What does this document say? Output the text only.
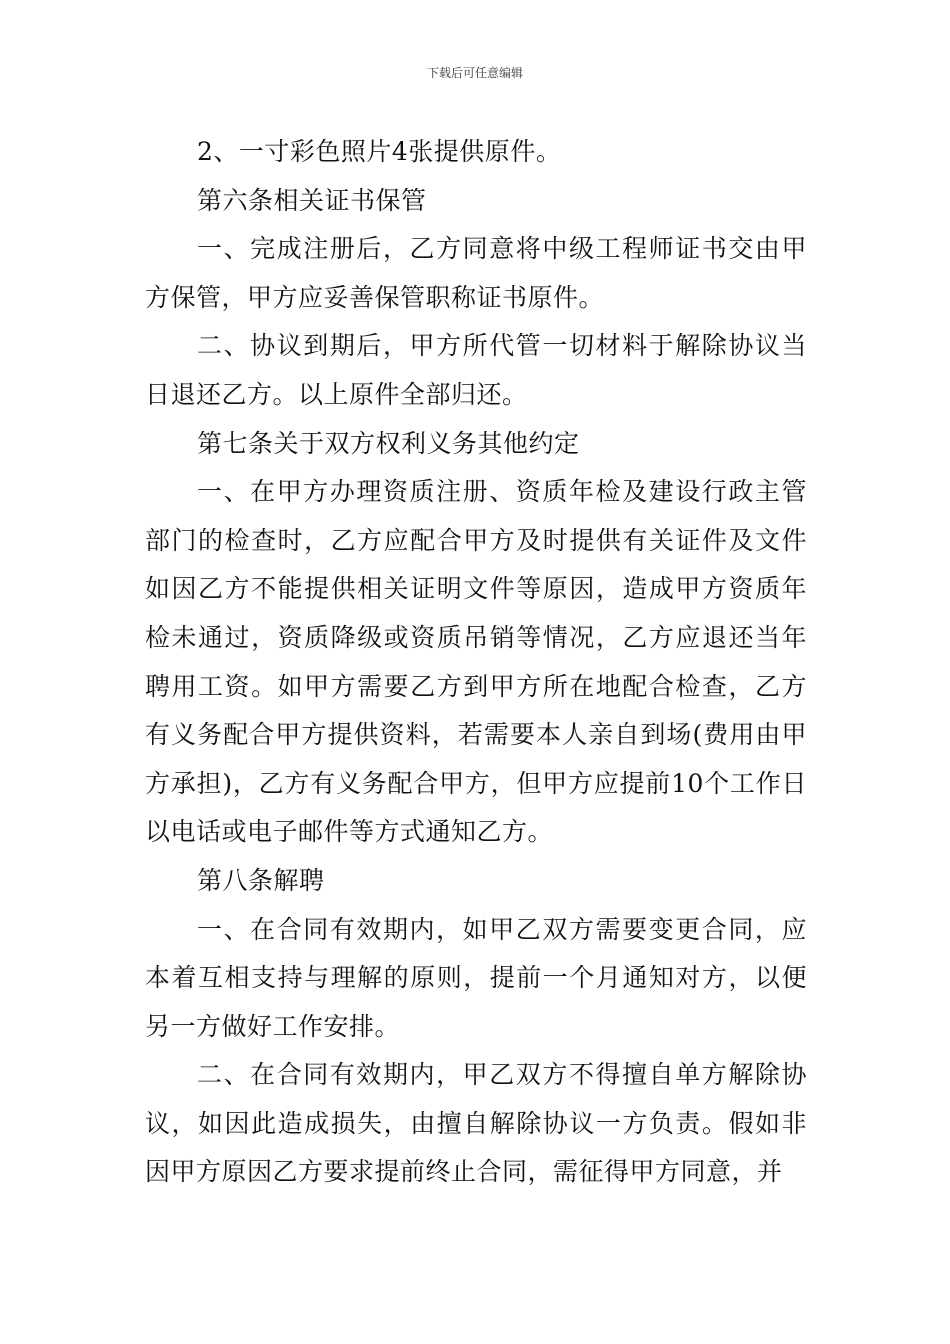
下载后可任意编辑

2、一寸彩色照片4张提供原件。

第六条相关证书保管

一、完成注册后，乙方同意将中级工程师证书交由甲方保管，甲方应妥善保管职称证书原件。

二、协议到期后，甲方所代管一切材料于解除协议当日退还乙方。以上原件全部归还。

第七条关于双方权利义务其他约定

一、在甲方办理资质注册、资质年检及建设行政主管部门的检查时，乙方应配合甲方及时提供有关证件及文件如因乙方不能提供相关证明文件等原因，造成甲方资质年检未通过，资质降级或资质吊销等情况，乙方应退还当年聘用工资。如甲方需要乙方到甲方所在地配合检查，乙方有义务配合甲方提供资料，若需要本人亲自到场(费用由甲方承担)，乙方有义务配合甲方，但甲方应提前10个工作日以电话或电子邮件等方式通知乙方。

第八条解聘

一、在合同有效期内，如甲乙双方需要变更合同，应本着互相支持与理解的原则，提前一个月通知对方，以便另一方做好工作安排。

二、在合同有效期内，甲乙双方不得擅自单方解除协议，如因此造成损失，由擅自解除协议一方负责。假如非因甲方原因乙方要求提前终止合同，需征得甲方同意，并
